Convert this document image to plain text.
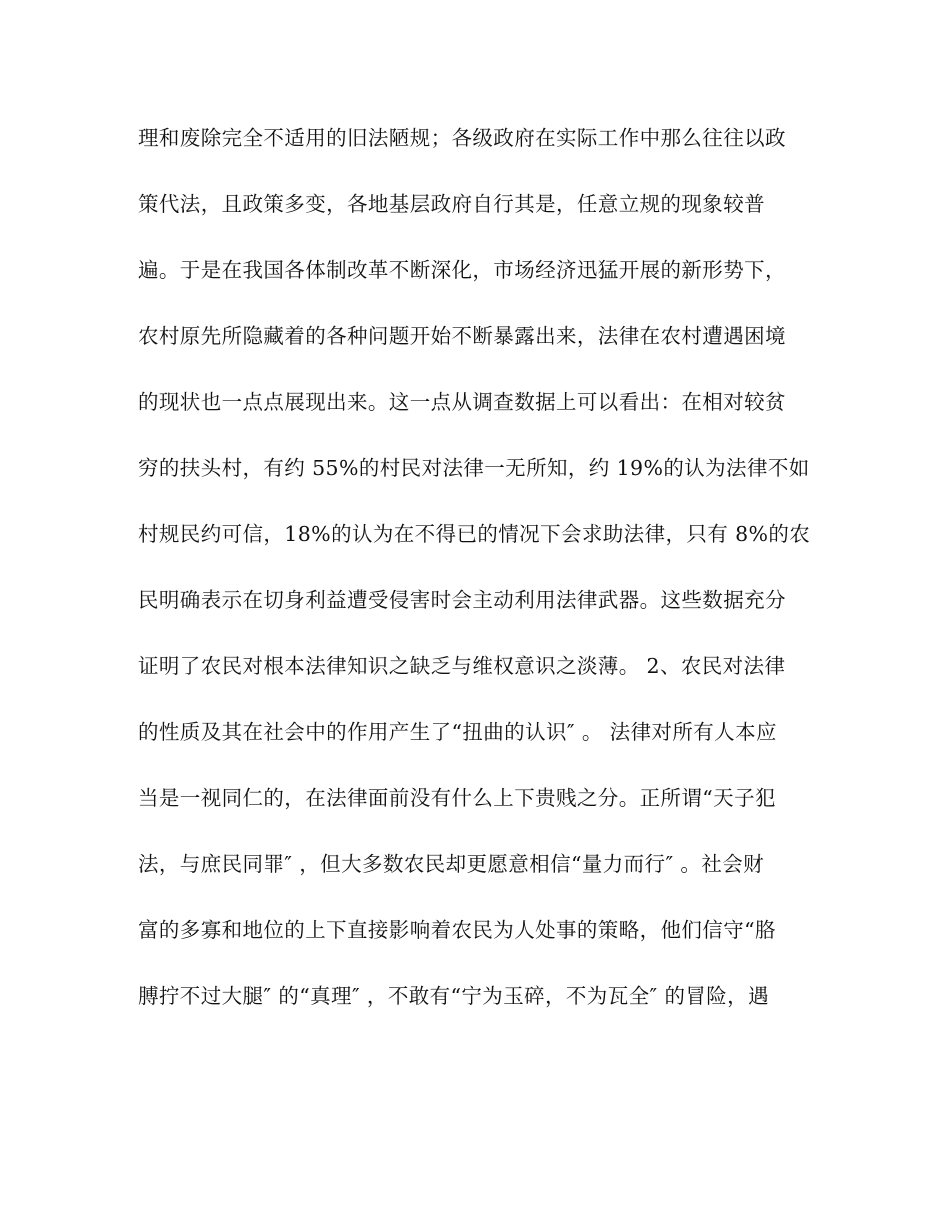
理和废除完全不适用的旧法陋规；各级政府在实际工作中那么往往以政
策代法，且政策多变，各地基层政府自行其是，任意立规的现象较普
遍。于是在我国各体制改革不断深化，市场经济迅猛开展的新形势下，
农村原先所隐藏着的各种问题开始不断暴露出来，法律在农村遭遇困境
的现状也一点点展现出来。这一点从调查数据上可以看出：在相对较贫
穷的扶头村，有约 55%的村民对法律一无所知，约 19%的认为法律不如
村规民约可信，18%的认为在不得已的情况下会求助法律，只有 8%的农
民明确表示在切身利益遭受侵害时会主动利用法律武器。这些数据充分
证明了农民对根本法律知识之缺乏与维权意识之淡薄。 2、农民对法律
的性质及其在社会中的作用产生了“扭曲的认识″ 。 法律对所有人本应
当是一视同仁的，在法律面前没有什么上下贵贱之分。正所谓“天子犯
法，与庶民同罪″ ，但大多数农民却更愿意相信“量力而行″ 。社会财
富的多寡和地位的上下直接影响着农民为人处事的策略，他们信守“胳
膊拧不过大腿″ 的“真理″ ，不敢有“宁为玉碎，不为瓦全″ 的冒险，遇
